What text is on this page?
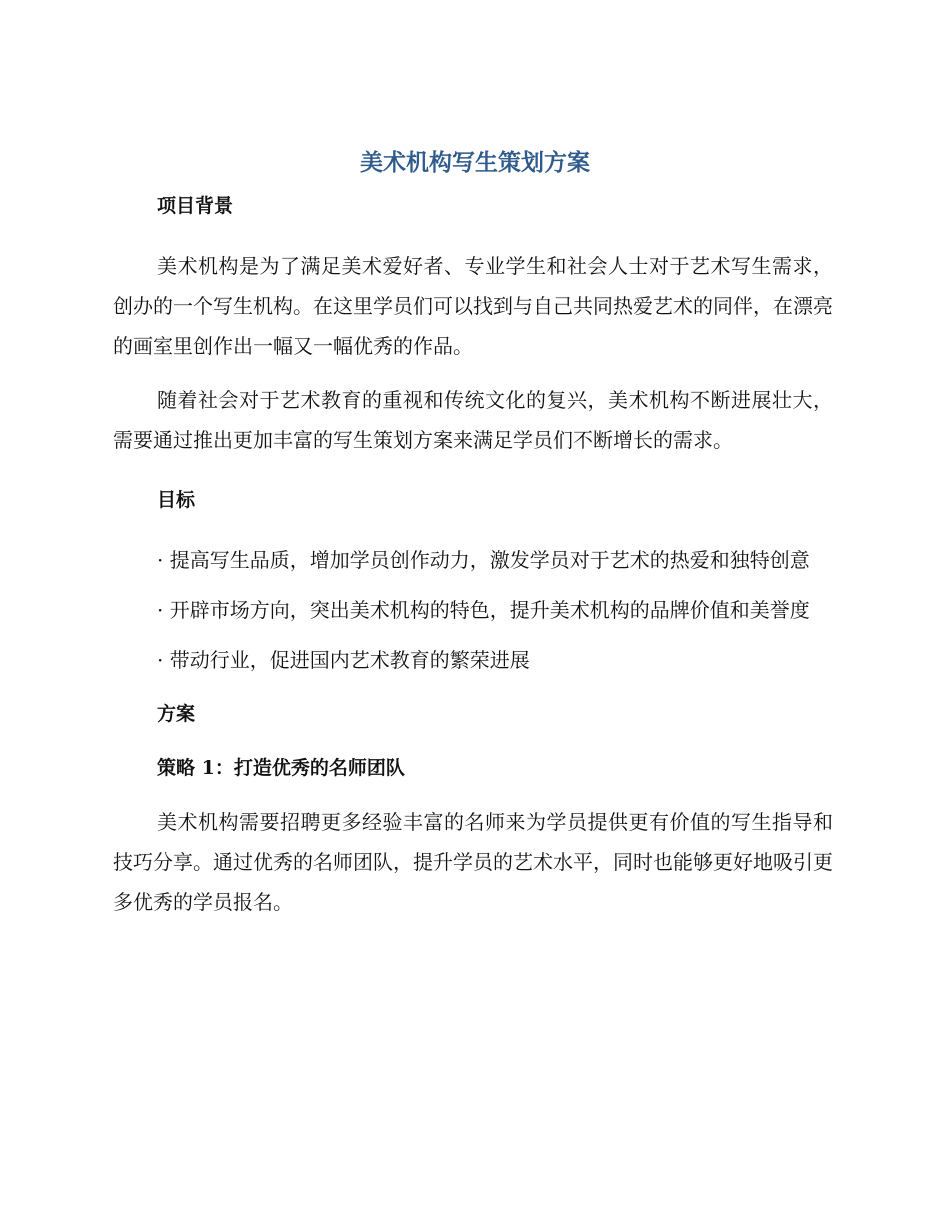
美术机构写生策划方案
项目背景

美术机构是为了满足美术爱好者、专业学生和社会人士对于艺术写生需求，创办的一个写生机构。在这里学员们可以找到与自己共同热爱艺术的同伴，在漂亮的画室里创作出一幅又一幅优秀的作品。

随着社会对于艺术教育的重视和传统文化的复兴，美术机构不断进展壮大，需要通过推出更加丰富的写生策划方案来满足学员们不断增长的需求。

目标

· 提高写生品质，增加学员创作动力，激发学员对于艺术的热爱和独特创意

· 开辟市场方向，突出美术机构的特色，提升美术机构的品牌价值和美誉度

· 带动行业，促进国内艺术教育的繁荣进展

方案
策略 1：打造优秀的名师团队

美术机构需要招聘更多经验丰富的名师来为学员提供更有价值的写生指导和技巧分享。通过优秀的名师团队，提升学员的艺术水平，同时也能够更好地吸引更多优秀的学员报名。
